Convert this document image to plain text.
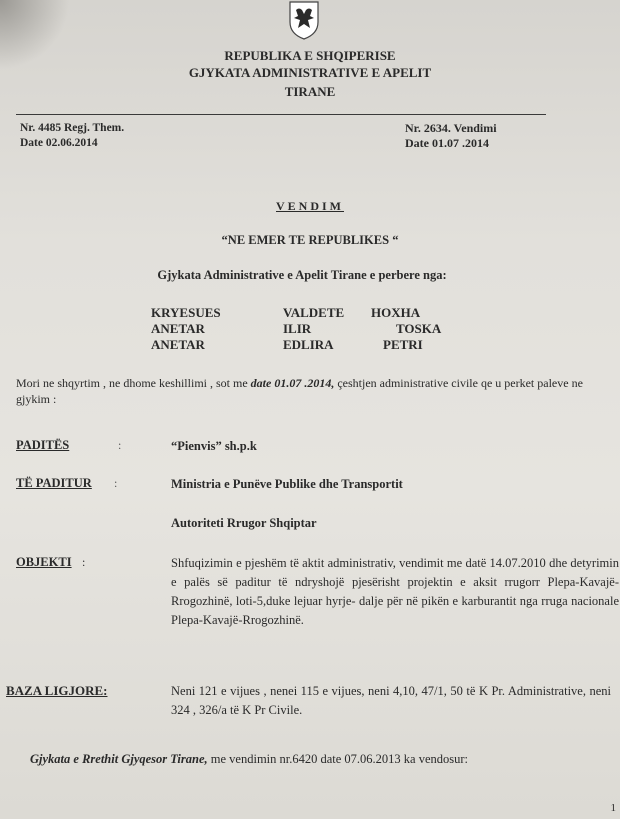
REPUBLIKA E SHQIPERISE
GJYKATA ADMINISTRATIVE E APELIT
TIRANE
Nr. 4485 Regj. Them.
Date 02.06.2014
Nr. 2634. Vendimi
Date 01.07 .2014
VENDIM
“NE EMER TE REPUBLIKES “
Gjykata Administrative e Apelit Tirane e perbere nga:
KRYESUES	VALDETE	HOXHA
ANETAR	ILIR	TOSKA
ANETAR	EDLIRA	PETRI
Mori ne shqyrtim , ne dhome keshillimi , sot me date 01.07 .2014, çeshtjen administrative civile qe u perket paleve ne gjykim :
PADITËS	:	“Pienvis” sh.p.k
TË PADITUR :	Ministria e Punëve Publike dhe Transportit
Autoriteti Rrugor Shqiptar
OBJEKTI :	Shfuqizimin e pjeshëm të aktit administrativ, vendimit me datë 14.07.2010 dhe detyrimin e palës së paditur të ndryshojë pjesërisht projektin e aksit rrugorr Plepa-Kavajë-Rrogozhinë, loti-5,duke lejuar hyrje- dalje për në pikën e karburantit nga rruga nacionale Plepa-Kavajë-Rrogozhinë.
BAZA LIGJORE:	Neni 121 e vijues , nenei 115 e vijues, neni 4,10, 47/1, 50 të K Pr. Administrative, neni 324 , 326/a të K Pr Civile.
Gjykata e Rrethit Gjyqesor Tirane, me vendimin nr.6420 date 07.06.2013 ka vendosur:
1
